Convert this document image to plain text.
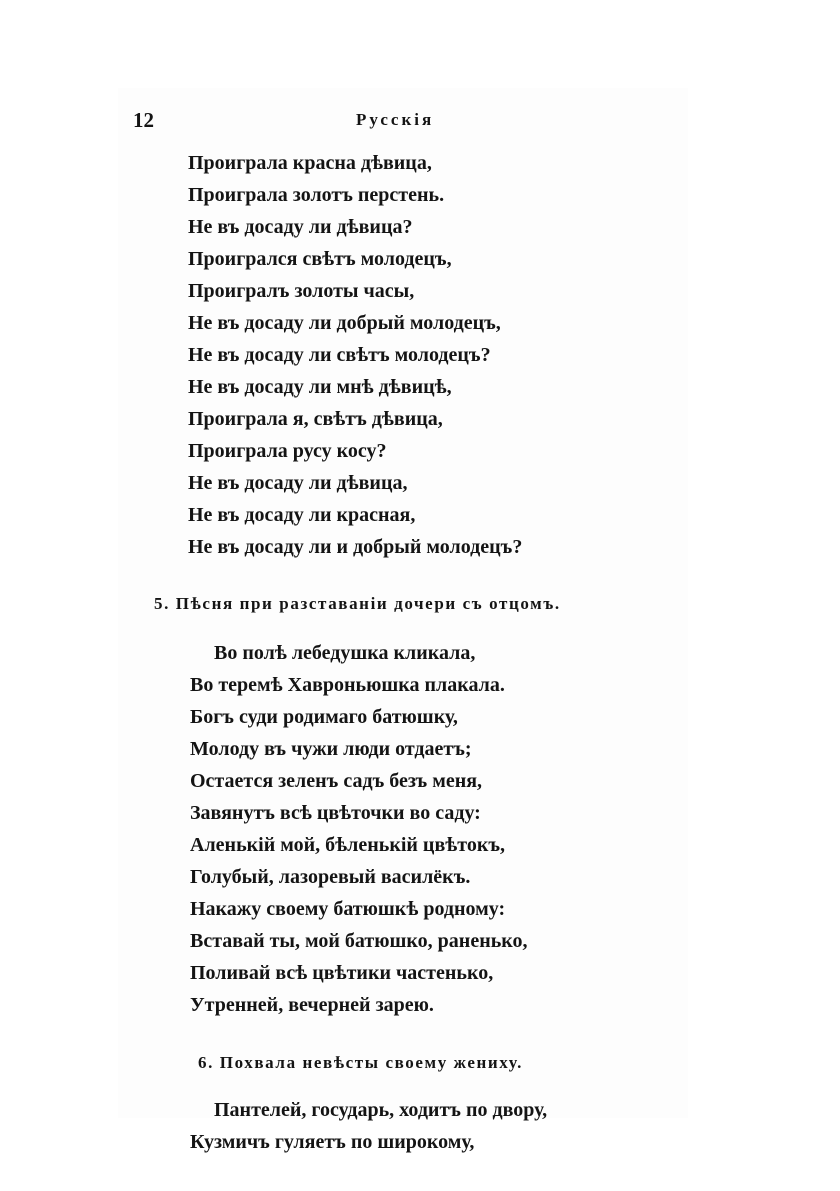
12	Русскія
Проиграла красна дѣвица,
Проиграла золотъ перстень.
Не въ досаду ли дѣвица?
Проигрался свѣтъ молодецъ,
Проигралъ золоты часы,
Не въ досаду ли добрый молодецъ,
Не въ досаду ли свѣтъ молодецъ?
Не въ досаду ли мнѣ дѣвицѣ,
Проиграла я, свѣтъ дѣвица,
Проиграла русу косу?
Не въ досаду ли дѣвица,
Не въ досаду ли красная,
Не въ досаду ли и добрый молодецъ?
5. Пѣсня при разставаніи дочери съ отцомъ.
Во полѣ лебедушка кликала,
Во теремѣ Хавроньюшка плакала.
Богъ суди родимаго батюшку,
Молоду въ чужи люди отдаетъ;
Остается зеленъ садъ безъ меня,
Завянутъ всѣ цвѣточки во саду:
Аленькій мой, бѣленькій цвѣтокъ,
Голубый, лазоревый василёкъ.
Накажу своему батюшкѣ родному:
Вставай ты, мой батюшко, раненько,
Поливай всѣ цвѣтики частенько,
Утренней, вечерней зарею.
6. Похвала невѣсты своему жениху.
Пантелей, государь, ходитъ по двору,
Кузмичъ гуляетъ по широкому,
